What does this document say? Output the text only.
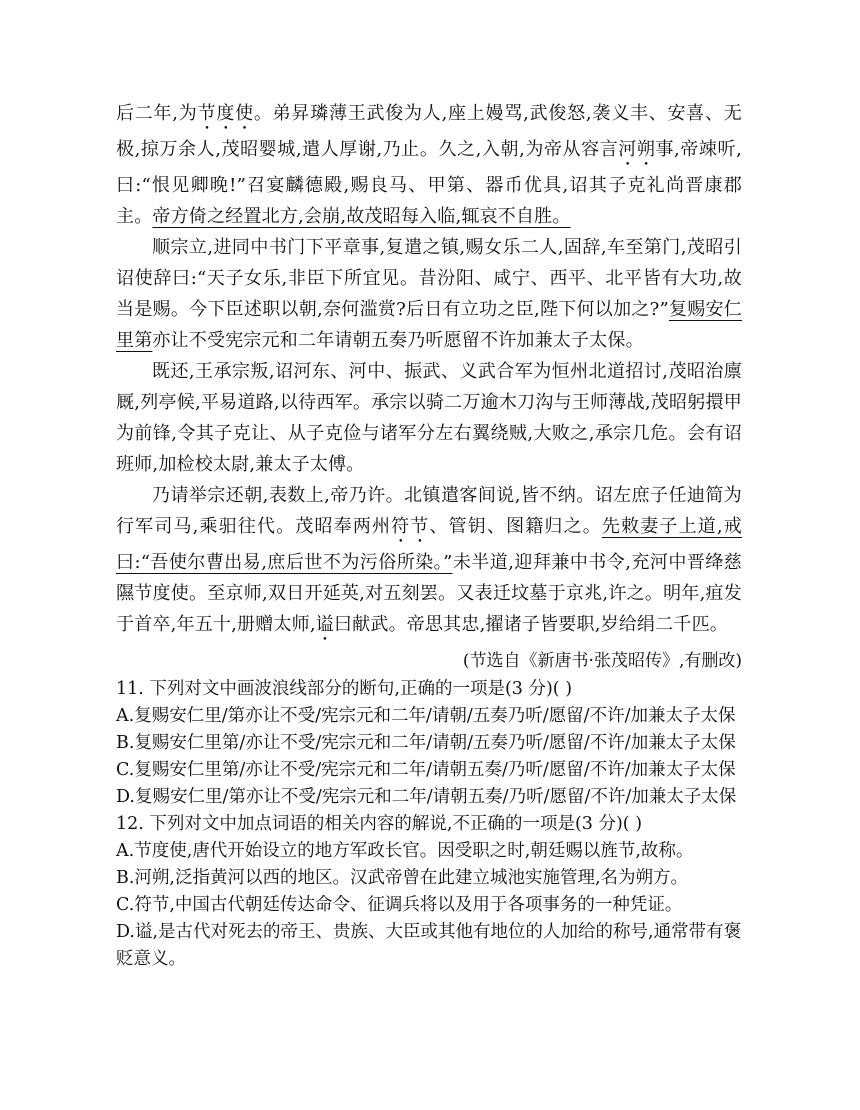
后二年,为节度使。弟昇璘薄王武俊为人,座上嫚骂,武俊怒,袭义丰、安喜、无极,掠万余人,茂昭婴城,遣人厚谢,乃止。久之,入朝,为帝从容言河朔事,帝竦听,曰:“恨见卿晚!”召宴麟德殿,赐良马、甲第、器币优具,诏其子克礼尚晋康郡主。帝方倚之经置北方,会崩,故茂昭每入临,辄哀不自胜。

顺宗立,进同中书门下平章事,复遣之镇,赐女乐二人,固辞,车至第门,茂昭引诏使辞曰:“天子女乐,非臣下所宜见。昔汾阳、咸宁、西平、北平皆有大功,故当是赐。今下臣述职以朝,奈何滥赏?后日有立功之臣,陛下何以加之?”复赐安仁里第亦让不受宪宗元和二年请朝五奏乃听愿留不许加兼太子太保。

既还,王承宗叛,诏河东、河中、振武、义武合军为恒州北道招讨,茂昭治廪厩,列亭候,平易道路,以待西军。承宗以骑二万逾木刀沟与王师薄战,茂昭躬擐甲为前锋,令其子克让、从子克俭与诸军分左右翼绕贼,大败之,承宗几危。会有诏班师,加检校太尉,兼太子太傅。

乃请举宗还朝,表数上,帝乃许。北镇遣客间说,皆不纳。诏左庶子任迪简为行军司马,乘驲往代。茂昭奉两州符节、管钥、图籍归之。先敕妻子上道,戒曰:“吾使尔曹出易,庶后世不为污俗所染。”未半道,迎拜兼中书令,充河中晋绛慈隰节度使。至京师,双日开延英,对五刻罢。又表迁坟墓于京兆,许之。明年,疽发于首卒,年五十,册赠太师,谥曰献武。帝思其忠,擢诸子皆要职,岁给绢二千匹。

(节选自《新唐书·张茂昭传》,有删改)

11. 下列对文中画波浪线部分的断句,正确的一项是(3 分)( )

A.复赐安仁里/第亦让不受/宪宗元和二年/请朝/五奏乃听/愿留/不许/加兼太子太保

B.复赐安仁里第/亦让不受/宪宗元和二年/请朝/五奏乃听/愿留/不许/加兼太子太保

C.复赐安仁里第/亦让不受/宪宗元和二年/请朝五奏/乃听/愿留/不许/加兼太子太保

D.复赐安仁里/第亦让不受/宪宗元和二年/请朝五奏/乃听/愿留/不许/加兼太子太保

12. 下列对文中加点词语的相关内容的解说,不正确的一项是(3 分)( )

A.节度使,唐代开始设立的地方军政长官。因受职之时,朝廷赐以旌节,故称。

B.河朔,泛指黄河以西的地区。汉武帝曾在此建立城池实施管理,名为朔方。

C.符节,中国古代朝廷传达命令、征调兵将以及用于各项事务的一种凭证。

D.谥,是古代对死去的帝王、贵族、大臣或其他有地位的人加给的称号,通常带有褒贬意义。
